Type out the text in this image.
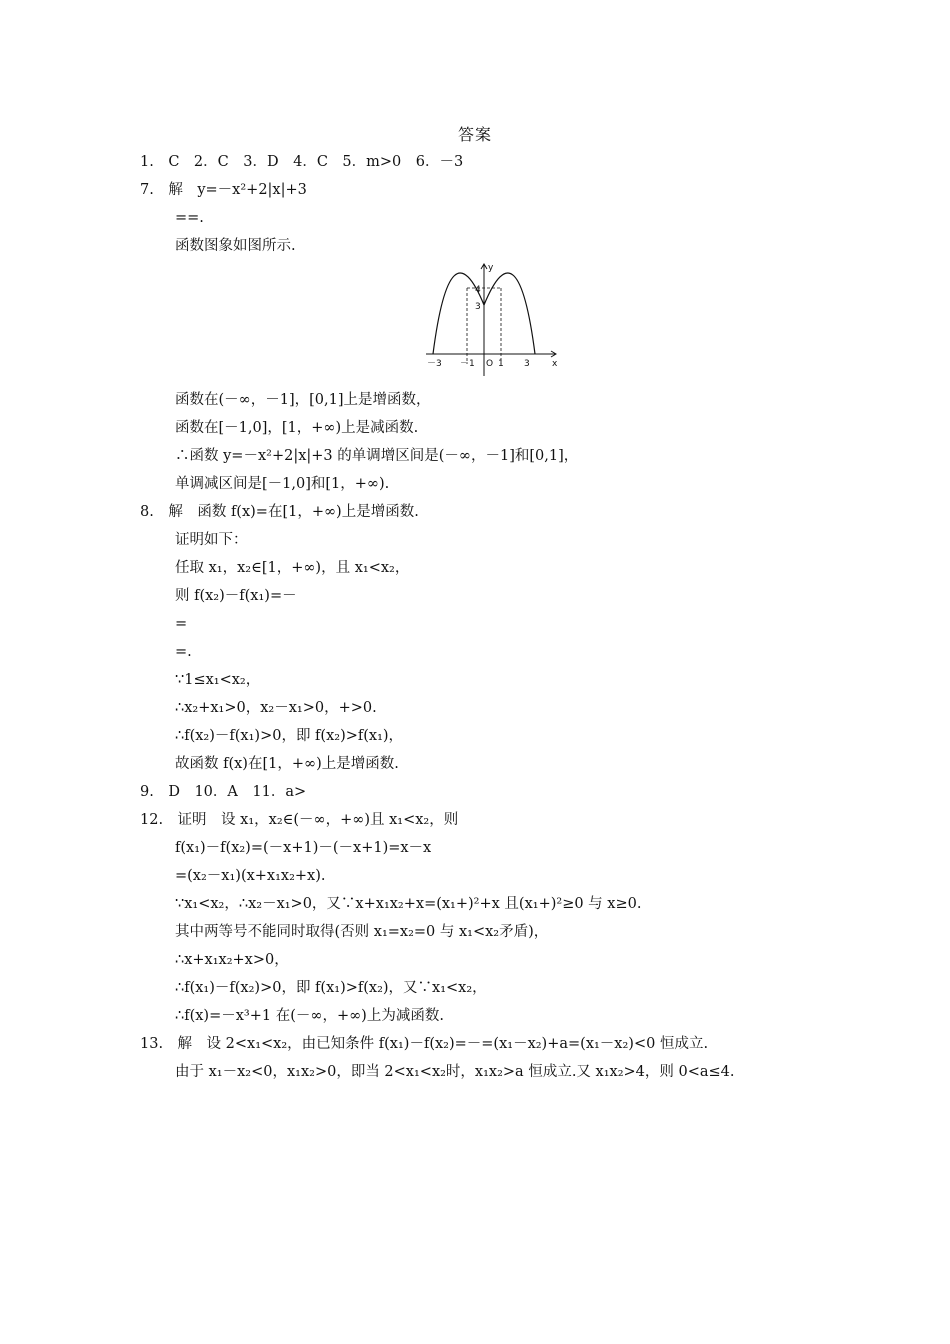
答案
1.　C　2．C　3．D　4．C　5．m>0　6．－3
7.　解　y=－x²+2|x|+3
==.
函数图象如图所示.
y
x
O
－3 －1	1 3
4
3
函数在(－∞，－1]，[0,1]上是增函数，
函数在[－1,0]，[1，+∞)上是减函数.
∴函数 y=－x²+2|x|+3 的单调增区间是(－∞，－1]和[0,1]，
单调减区间是[－1,0]和[1，+∞).
8.　解　函数 f(x)=在[1，+∞)上是增函数.
证明如下：
任取 x₁，x₂∈[1，+∞)，且 x₁<x₂，
则 f(x₂)－f(x₁)=－
=
=.
∵1≤x₁<x₂，
∴x₂+x₁>0，x₂－x₁>0，+>0.
∴f(x₂)－f(x₁)>0，即 f(x₂)>f(x₁)，
故函数 f(x)在[1，+∞)上是增函数.
9.　D　10．A　11．a>
12.　证明　设 x₁，x₂∈(－∞，+∞)且 x₁<x₂，则
f(x₁)－f(x₂)=(－x+1)－(－x+1)=x－x
=(x₂－x₁)(x+x₁x₂+x).
∵x₁<x₂，∴x₂－x₁>0，又∵x+x₁x₂+x=(x₁+)²+x 且(x₁+)²≥0 与 x≥0.
其中两等号不能同时取得(否则 x₁=x₂=0 与 x₁<x₂矛盾)，
∴x+x₁x₂+x>0，
∴f(x₁)－f(x₂)>0，即 f(x₁)>f(x₂)，又∵x₁<x₂，
∴f(x)=－x³+1 在(－∞，+∞)上为减函数.
13.　解　设 2<x₁<x₂，由已知条件 f(x₁)－f(x₂)=－=(x₁－x₂)+a=(x₁－x₂)<0 恒成立.
由于 x₁－x₂<0，x₁x₂>0，即当 2<x₁<x₂时，x₁x₂>a 恒成立.又 x₁x₂>4，则 0<a≤4.
